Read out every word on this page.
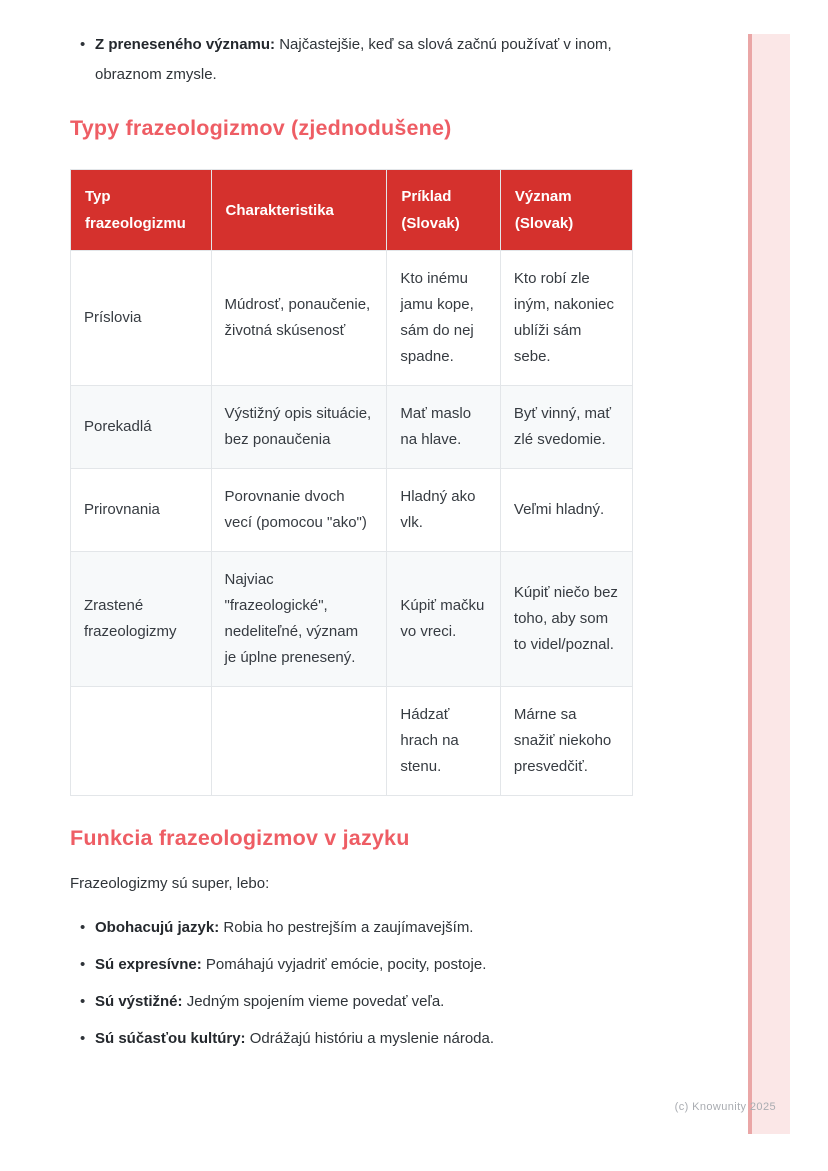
(c) Knowunity 2025
• Z preneseného významu: Najčastejšie, keď sa slová začnú používať v inom, obraznom zmysle.
Typy frazeologizmov (zjednodušene)
Typ frazeologizmu	Charakteristika	Príklad (Slovak)	Význam (Slovak)
Príslovia	Múdrosť, ponaučenie, životná skúsenosť	Kto inému jamu kope, sám do nej spadne.	Kto robí zle iným, nakoniec ublíži sám sebe.
Porekadlá	Výstižný opis situácie, bez ponaučenia	Mať maslo na hlave.	Byť vinný, mať zlé svedomie.
Prirovnania	Porovnanie dvoch vecí (pomocou "ako")	Hladný ako vlk.	Veľmi hladný.
Zrastené frazeologizmy	Najviac "frazeologické", nedeliteľné, význam je úplne prenesený.	Kúpiť mačku vo vreci.	Kúpiť niečo bez toho, aby som to videl/poznal.
		Hádzať hrach na stenu.	Márne sa snažiť niekoho presvedčiť.
Funkcia frazeologizmov v jazyku

Frazeologizmy sú super, lebo:

• Obohacujú jazyk: Robia ho pestrejším a zaujímavejším.
• Sú expresívne: Pomáhajú vyjadriť emócie, pocity, postoje.
• Sú výstižné: Jedným spojením vieme povedať veľa.
• Sú súčasťou kultúry: Odrážajú históriu a myslenie národa.
